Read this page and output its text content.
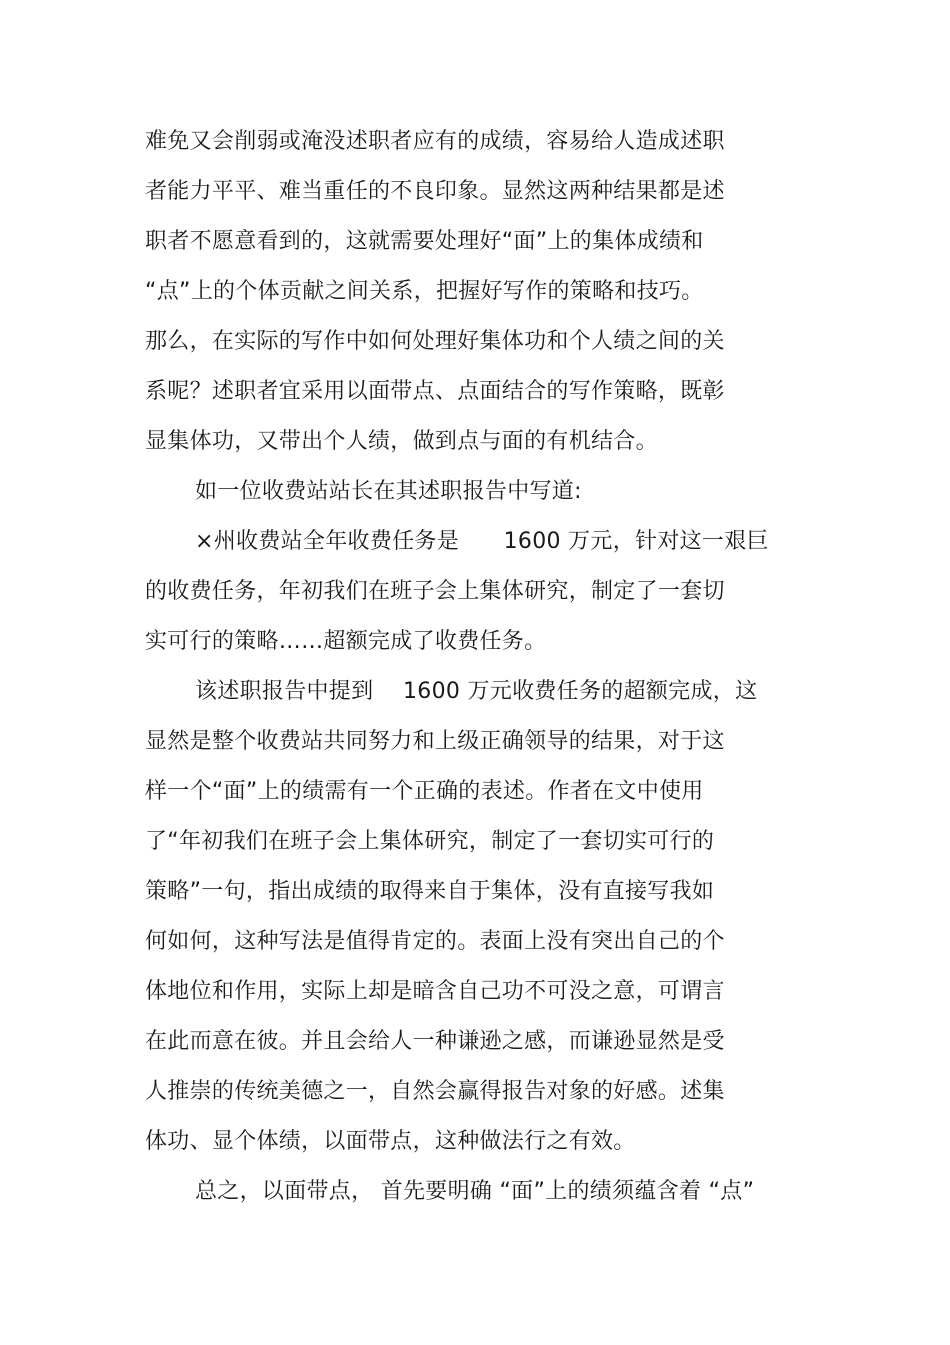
难免又会削弱或淹没述职者应有的成绩，容易给人造成述职
者能力平平、难当重任的不良印象。显然这两种结果都是述
职者不愿意看到的，这就需要处理好“面”上的集体成绩和
“点”上的个体贡献之间关系，把握好写作的策略和技巧。
那么，在实际的写作中如何处理好集体功和个人绩之间的关
系呢？述职者宜采用以面带点、点面结合的写作策略，既彰
显集体功，又带出个人绩，做到点与面的有机结合。
如一位收费站站长在其述职报告中写道:
×州收费站全年收费任务是　　1600 万元，针对这一艰巨
的收费任务，年初我们在班子会上集体研究，制定了一套切
实可行的策略……超额完成了收费任务。
该述职报告中提到　 1600 万元收费任务的超额完成，这
显然是整个收费站共同努力和上级正确领导的结果，对于这
样一个“面”上的绩需有一个正确的表述。作者在文中使用
了“年初我们在班子会上集体研究，制定了一套切实可行的
策略”一句，指出成绩的取得来自于集体，没有直接写我如
何如何，这种写法是值得肯定的。表面上没有突出自己的个
体地位和作用，实际上却是暗含自己功不可没之意，可谓言
在此而意在彼。并且会给人一种谦逊之感，而谦逊显然是受
人推崇的传统美德之一，自然会赢得报告对象的好感。述集
体功、显个体绩，以面带点，这种做法行之有效。
总之，以面带点， 首先要明确 “面”上的绩须蕴含着 “点”
